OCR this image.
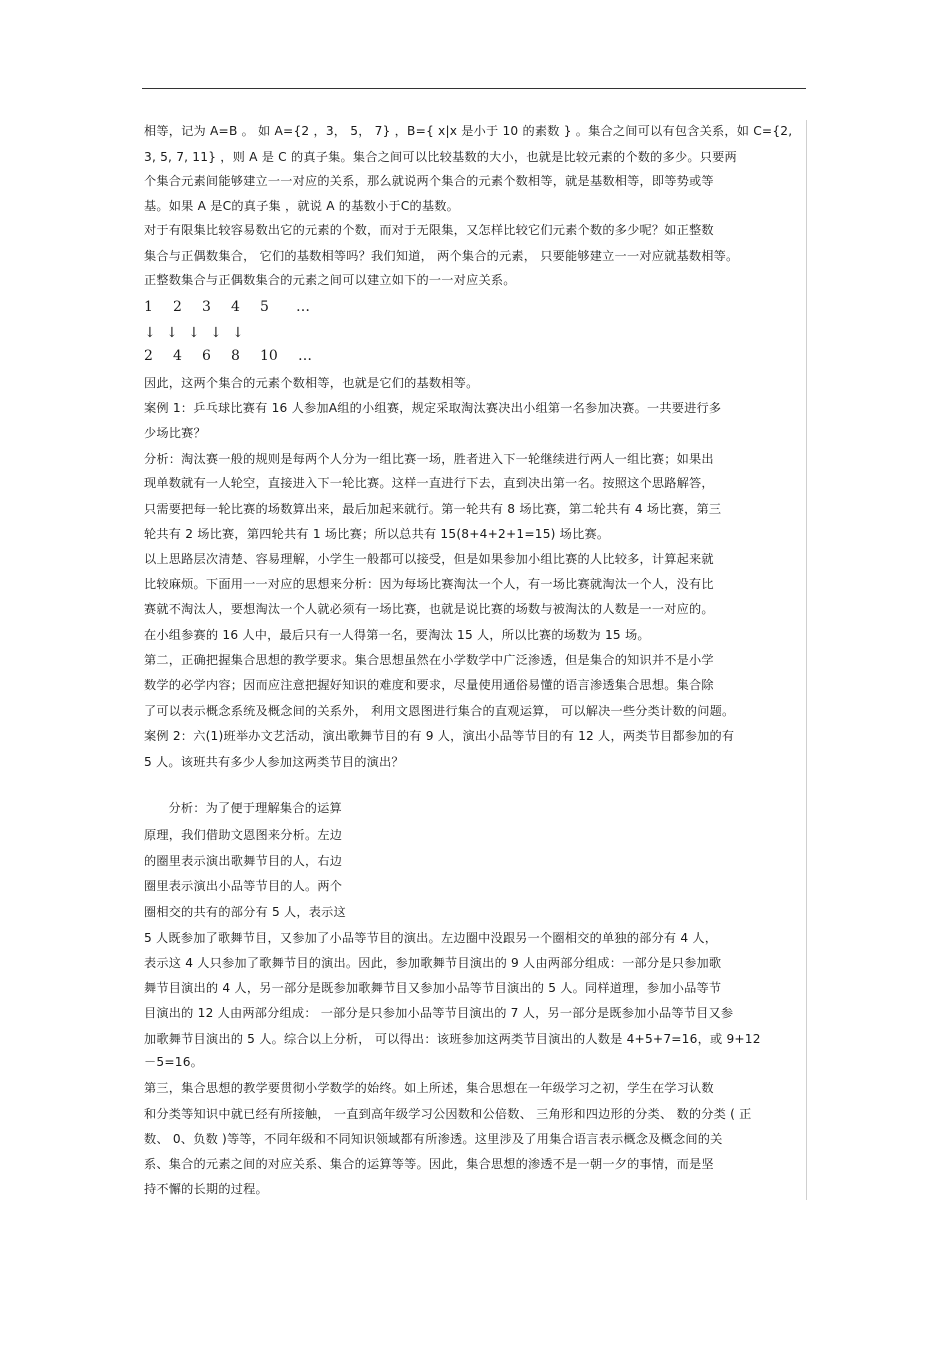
相等，记为 A=B 。 如 A={2 ，3， 5， 7} ，B={ x|x 是小于 10 的素数 } 。集合之间可以有包含关系，如 C={2,
3, 5, 7, 11} ，则 A 是 C 的真子集。集合之间可以比较基数的大小，也就是比较元素的个数的多少。只要两
个集合元素间能够建立一一对应的关系，那么就说两个集合的元素个数相等，就是基数相等，即等势或等
基。如果 A 是C的真子集 ，就说 A 的基数小于C的基数。
对于有限集比较容易数出它的元素的个数，而对于无限集，又怎样比较它们元素个数的多少呢？如正整数
集合与正偶数集合， 它们的基数相等吗？我们知道， 两个集合的元素， 只要能够建立一一对应就基数相等。
正整数集合与正偶数集合的元素之间可以建立如下的一一对应关系。
1 2 3 4 5 …
↓ ↓ ↓ ↓ ↓
2 4 6 8 10 …
因此，这两个集合的元素个数相等，也就是它们的基数相等。
案例 1：乒乓球比赛有 16 人参加A组的小组赛，规定采取淘汰赛决出小组第一名参加决赛。一共要进行多
少场比赛？
分析：淘汰赛一般的规则是每两个人分为一组比赛一场，胜者进入下一轮继续进行两人一组比赛；如果出
现单数就有一人轮空，直接进入下一轮比赛。这样一直进行下去，直到决出第一名。按照这个思路解答，
只需要把每一轮比赛的场数算出来，最后加起来就行。第一轮共有 8 场比赛，第二轮共有 4 场比赛，第三
轮共有 2 场比赛，第四轮共有 1 场比赛；所以总共有 15(8+4+2+1=15) 场比赛。
以上思路层次清楚、容易理解，小学生一般都可以接受，但是如果参加小组比赛的人比较多，计算起来就
比较麻烦。下面用一一对应的思想来分析：因为每场比赛淘汰一个人，有一场比赛就淘汰一个人，没有比
赛就不淘汰人，要想淘汰一个人就必须有一场比赛，也就是说比赛的场数与被淘汰的人数是一一对应的。
在小组参赛的 16 人中，最后只有一人得第一名，要淘汰 15 人，所以比赛的场数为 15 场。
第二，正确把握集合思想的教学要求。集合思想虽然在小学数学中广泛渗透，但是集合的知识并不是小学
数学的必学内容；因而应注意把握好知识的难度和要求，尽量使用通俗易懂的语言渗透集合思想。集合除
了可以表示概念系统及概念间的关系外， 利用文恩图进行集合的直观运算， 可以解决一些分类计数的问题。
案例 2：六(1)班举办文艺活动，演出歌舞节目的有 9 人，演出小品等节目的有 12 人，两类节目都参加的有
5 人。该班共有多少人参加这两类节目的演出？
分析：为了便于理解集合的运算
原理，我们借助文恩图来分析。左边
的圈里表示演出歌舞节目的人，右边
圈里表示演出小品等节目的人。两个
圈相交的共有的部分有 5 人，表示这
5 人既参加了歌舞节目，又参加了小品等节目的演出。左边圈中没跟另一个圈相交的单独的部分有 4 人，
表示这 4 人只参加了歌舞节目的演出。因此，参加歌舞节目演出的 9 人由两部分组成：一部分是只参加歌
舞节目演出的 4 人，另一部分是既参加歌舞节目又参加小品等节目演出的 5 人。同样道理，参加小品等节
目演出的 12 人由两部分组成： 一部分是只参加小品等节目演出的 7 人，另一部分是既参加小品等节目又参
加歌舞节目演出的 5 人。综合以上分析， 可以得出：该班参加这两类节目演出的人数是 4+5+7=16，或 9+12
－5=16。
第三，集合思想的教学要贯彻小学数学的始终。如上所述，集合思想在一年级学习之初，学生在学习认数
和分类等知识中就已经有所接触， 一直到高年级学习公因数和公倍数、 三角形和四边形的分类、 数的分类 ( 正
数、 0、负数 )等等，不同年级和不同知识领域都有所渗透。这里涉及了用集合语言表示概念及概念间的关
系、集合的元素之间的对应关系、集合的运算等等。因此，集合思想的渗透不是一朝一夕的事情，而是坚
持不懈的长期的过程。
